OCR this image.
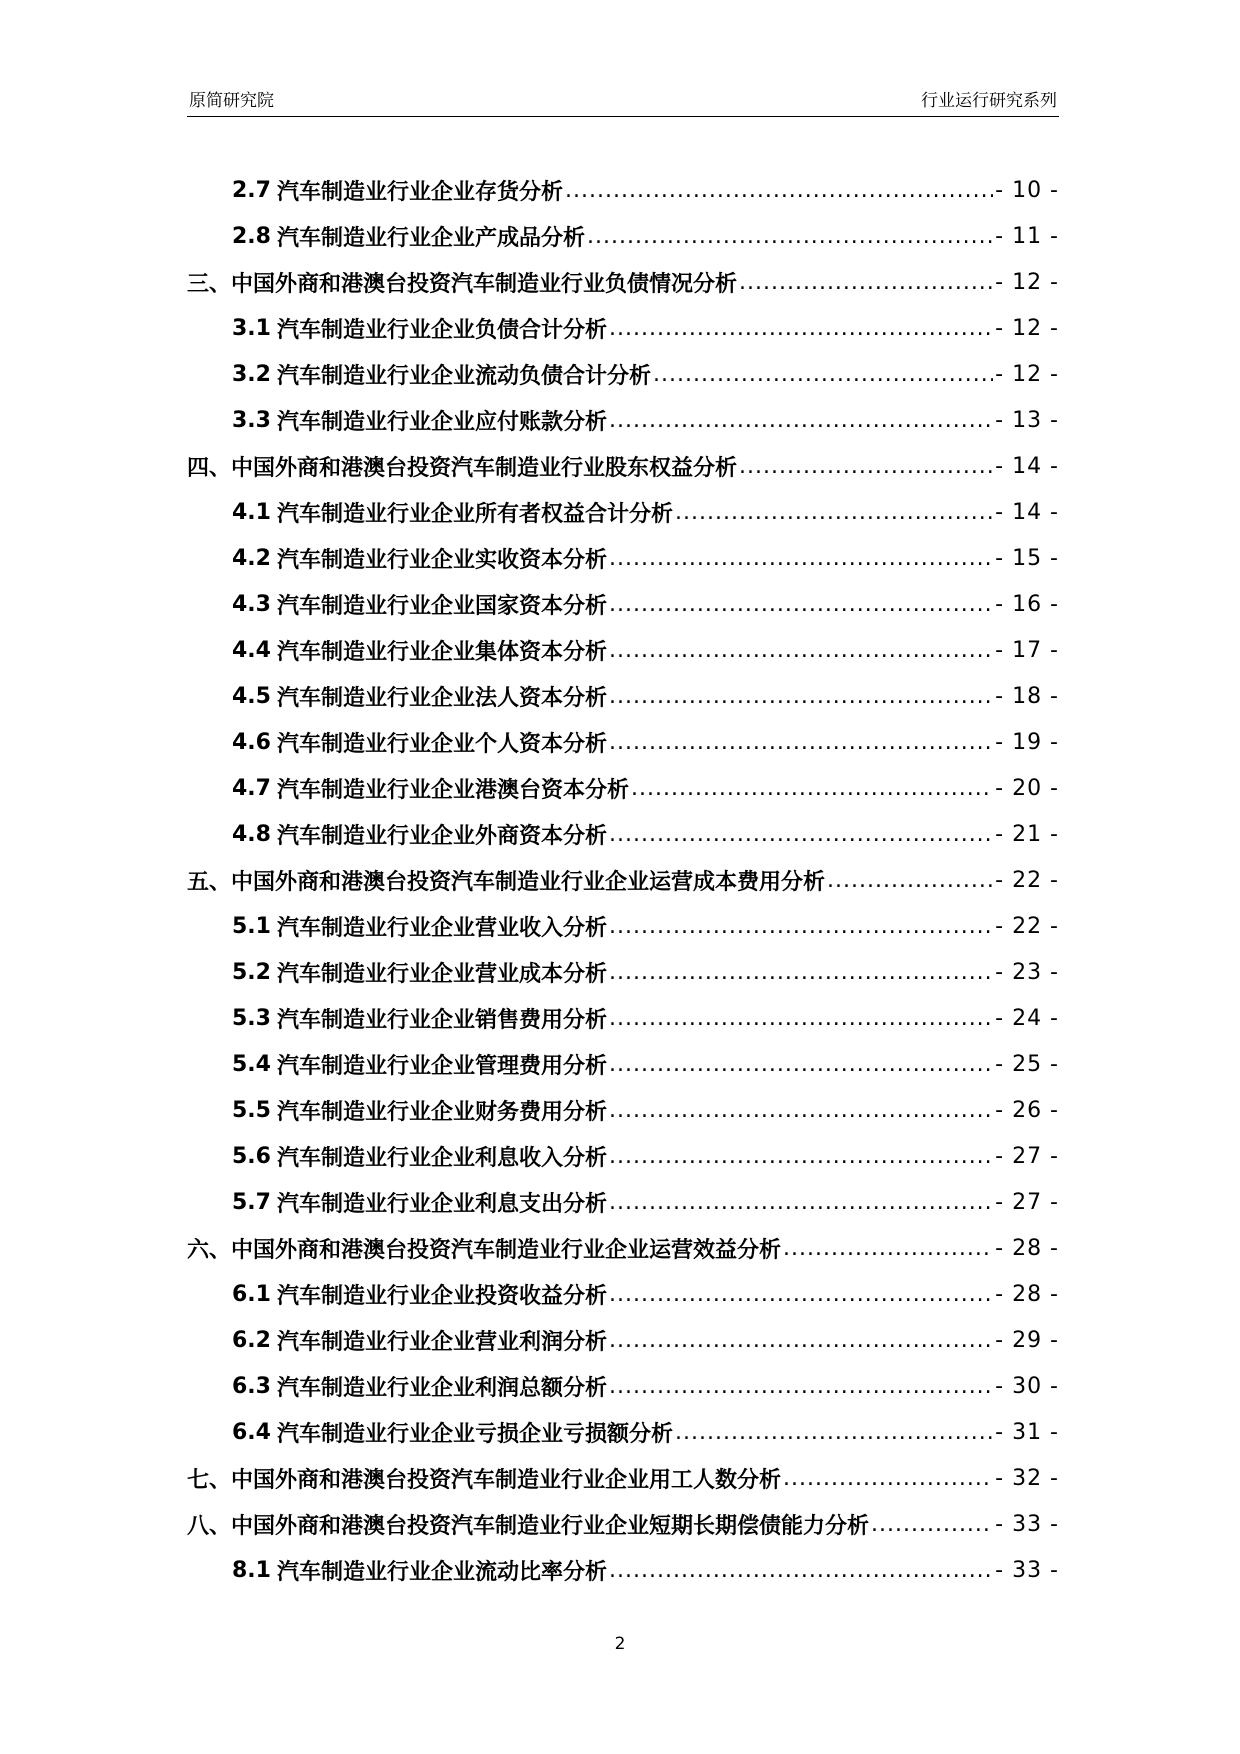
原简研究院	行业运行研究系列
2.7 汽车制造业行业企业存货分析 .....	- 10 -
2.8 汽车制造业行业企业产成品分析 .....	- 11 -
三、中国外商和港澳台投资汽车制造业行业负债情况分析 .....	- 12 -
3.1 汽车制造业行业企业负债合计分析 .....	- 12 -
3.2 汽车制造业行业企业流动负债合计分析 .....	- 12 -
3.3 汽车制造业行业企业应付账款分析 .....	- 13 -
四、中国外商和港澳台投资汽车制造业行业股东权益分析 .....	- 14 -
4.1 汽车制造业行业企业所有者权益合计分析 .....	- 14 -
4.2 汽车制造业行业企业实收资本分析 .....	- 15 -
4.3 汽车制造业行业企业国家资本分析 .....	- 16 -
4.4 汽车制造业行业企业集体资本分析 .....	- 17 -
4.5 汽车制造业行业企业法人资本分析 .....	- 18 -
4.6 汽车制造业行业企业个人资本分析 .....	- 19 -
4.7 汽车制造业行业企业港澳台资本分析 .....	- 20 -
4.8 汽车制造业行业企业外商资本分析 .....	- 21 -
五、中国外商和港澳台投资汽车制造业行业企业运营成本费用分析 .....	- 22 -
5.1 汽车制造业行业企业营业收入分析 .....	- 22 -
5.2 汽车制造业行业企业营业成本分析 .....	- 23 -
5.3 汽车制造业行业企业销售费用分析 .....	- 24 -
5.4 汽车制造业行业企业管理费用分析 .....	- 25 -
5.5 汽车制造业行业企业财务费用分析 .....	- 26 -
5.6 汽车制造业行业企业利息收入分析 .....	- 27 -
5.7 汽车制造业行业企业利息支出分析 .....	- 27 -
六、中国外商和港澳台投资汽车制造业行业企业运营效益分析 .....	- 28 -
6.1 汽车制造业行业企业投资收益分析 .....	- 28 -
6.2 汽车制造业行业企业营业利润分析 .....	- 29 -
6.3 汽车制造业行业企业利润总额分析 .....	- 30 -
6.4 汽车制造业行业企业亏损企业亏损额分析 .....	- 31 -
七、中国外商和港澳台投资汽车制造业行业企业用工人数分析 .....	- 32 -
八、中国外商和港澳台投资汽车制造业行业企业短期长期偿债能力分析 .....	- 33 -
8.1 汽车制造业行业企业流动比率分析 .....	- 33 -
2
